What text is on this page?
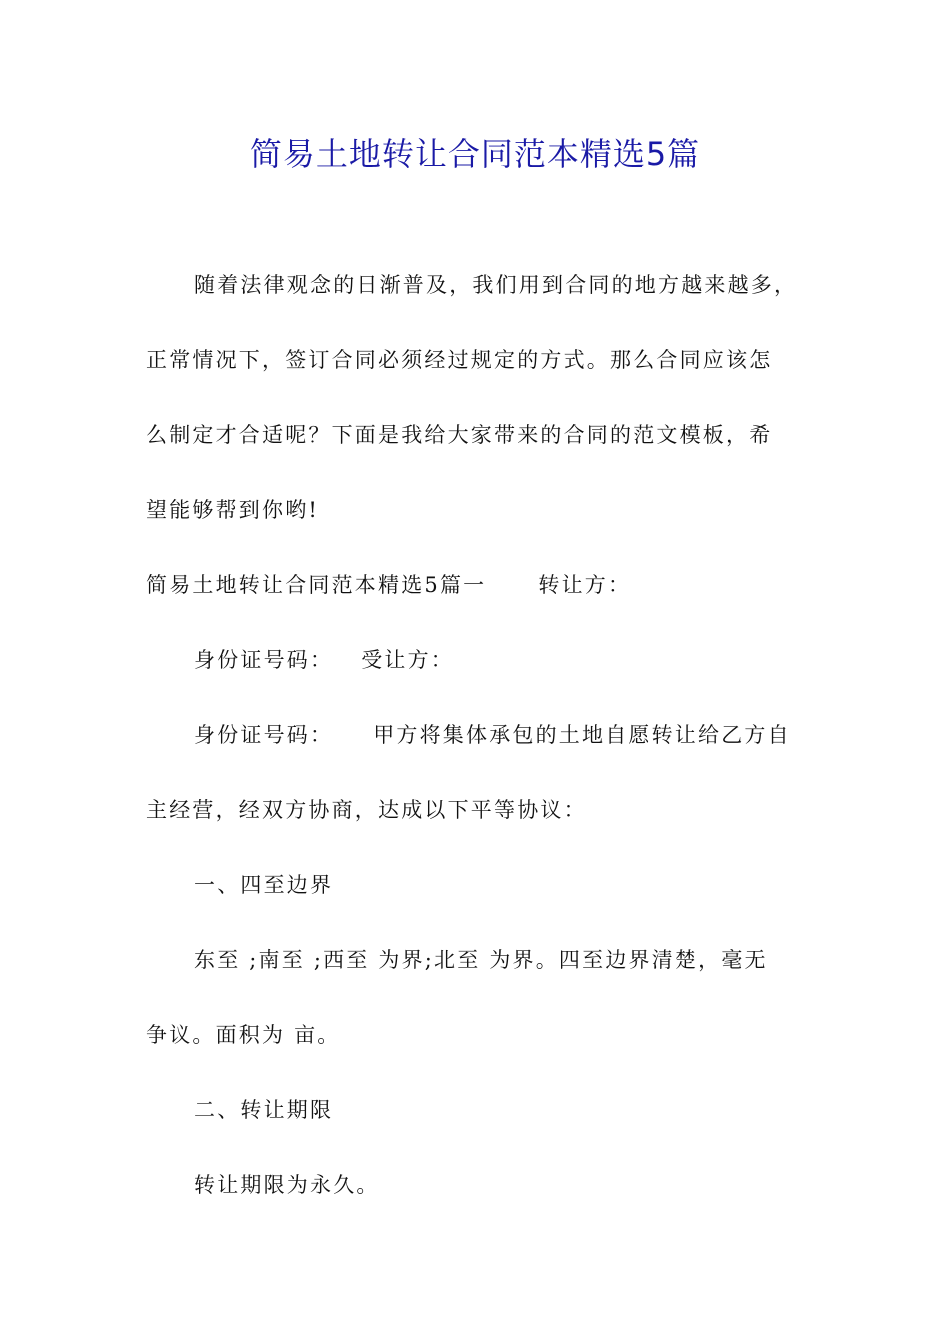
简易土地转让合同范本精选5篇
随着法律观念的日渐普及，我们用到合同的地方越来越多，
正常情况下，签订合同必须经过规定的方式。那么合同应该怎
么制定才合适呢？下面是我给大家带来的合同的范文模板，希
望能够帮到你哟!
简易土地转让合同范本精选5篇一 转让方：
身份证号码： 受让方：
身份证号码： 甲方将集体承包的土地自愿转让给乙方自
主经营，经双方协商，达成以下平等协议：
一、四至边界
东至 ;南至 ;西至 为界;北至 为界。四至边界清楚，毫无
争议。面积为 亩。
二、转让期限
转让期限为永久。
